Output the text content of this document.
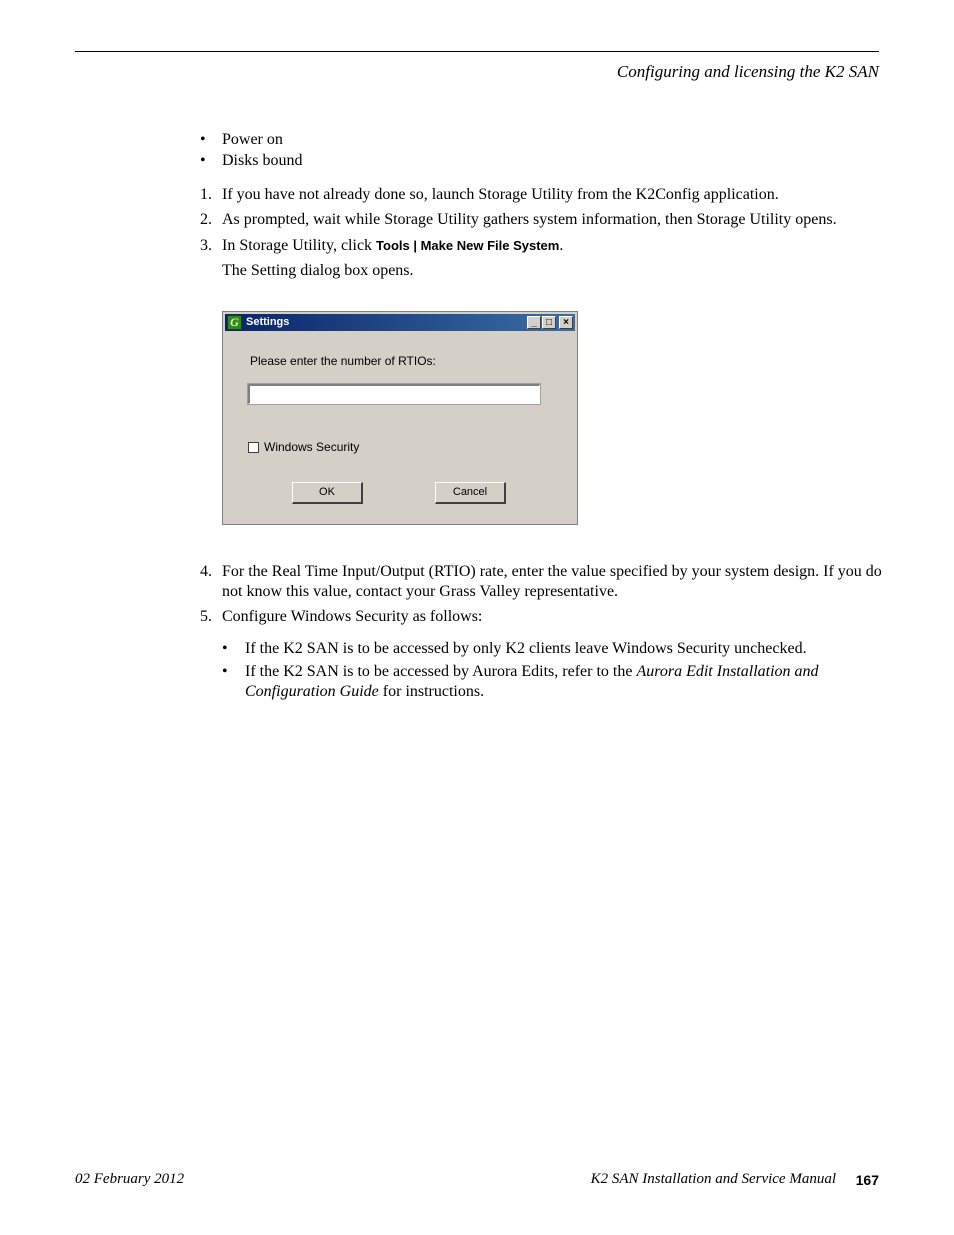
Configuring and licensing the K2 SAN
• Power on
• Disks bound
1. If you have not already done so, launch Storage Utility from the K2Config application.
2. As prompted, wait while Storage Utility gathers system information, then Storage Utility opens.
3. In Storage Utility, click Tools | Make New File System.
The Setting dialog box opens.
G Settings	_ □	×
Please enter the number of RTIOs:
Windows Security
OK	Cancel
4. For the Real Time Input/Output (RTIO) rate, enter the value specified by your system design. If you do not know this value, contact your Grass Valley representative.
5. Configure Windows Security as follows:
• If the K2 SAN is to be accessed by only K2 clients leave Windows Security unchecked.
• If the K2 SAN is to be accessed by Aurora Edits, refer to the Aurora Edit Installation and Configuration Guide for instructions.
02 February 2012	K2 SAN Installation and Service Manual 167
